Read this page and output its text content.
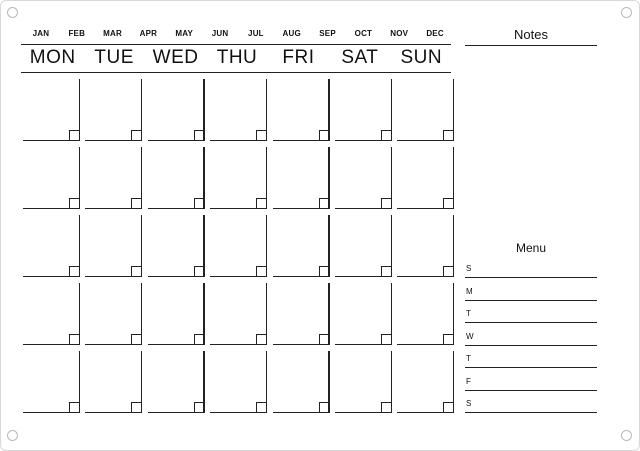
JAN FEB MAR APR MAY JUN JUL AUG SEP OCT NOV DEC
MON TUE WED THU FRI SAT SUN
Notes
Menu
S
M
T
W
T
F
S
